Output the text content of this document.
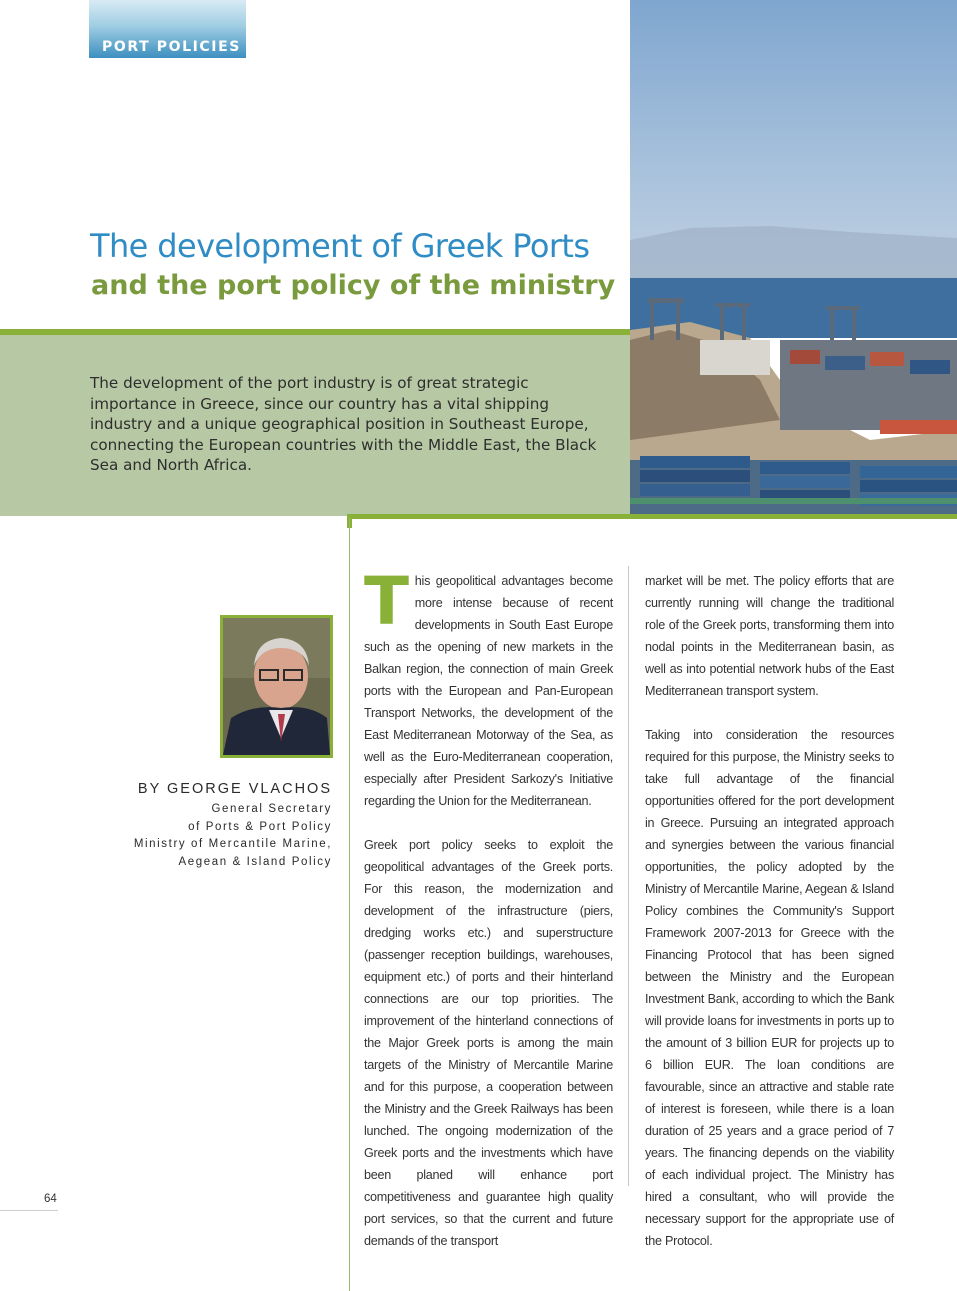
PORT POLICIES
The development of Greek Ports
and the port policy of the ministry
The development of the port industry is of great strategic importance in Greece, since our country has a vital shipping industry and a unique geographical position in Southeast Europe, connecting the European countries with the Middle East, the Black Sea and North Africa.
BY GEORGE VLACHOS
General Secretary
of Ports & Port Policy
Ministry of Mercantile Marine,
Aegean & Island Policy

This geopolitical advantages become more intense because of recent developments in South East Europe such as the opening of new markets in the Balkan region, the connection of main Greek ports with the European and Pan-European Transport Networks, the development of the East Mediterranean Motorway of the Sea, as well as the Euro-Mediterranean cooperation, especially after President Sarkozy's Initiative regarding the Union for the Mediterranean.

Greek port policy seeks to exploit the geopolitical advantages of the Greek ports. For this reason, the modernization and development of the infrastructure (piers, dredging works etc.) and superstructure (passenger reception buildings, warehouses, equipment etc.) of ports and their hinterland connections are our top priorities. The improvement of the hinterland connections of the Major Greek ports is among the main targets of the Ministry of Mercantile Marine and for this purpose, a cooperation between the Ministry and the Greek Railways has been lunched. The ongoing modernization of the Greek ports and the investments which have been planed will enhance port competitiveness and guarantee high quality port services, so that the current and future demands of the transport

market will be met. The policy efforts that are currently running will change the traditional role of the Greek ports, transforming them into nodal points in the Mediterranean basin, as well as into potential network hubs of the East Mediterranean transport system.

Taking into consideration the resources required for this purpose, the Ministry seeks to take full advantage of the financial opportunities offered for the port development in Greece. Pursuing an integrated approach and synergies between the various financial opportunities, the policy adopted by the Ministry of Mercantile Marine, Aegean & Island Policy combines the Community's Support Framework 2007-2013 for Greece with the Financing Protocol that has been signed between the Ministry and the European Investment Bank, according to which the Bank will provide loans for investments in ports up to the amount of 3 billion EUR for projects up to 6 billion EUR. The loan conditions are favourable, since an attractive and stable rate of interest is foreseen, while there is a loan duration of 25 years and a grace period of 7 years. The financing depends on the viability of each individual project. The Ministry has hired a consultant, who will provide the necessary support for the appropriate use of the Protocol.

64
